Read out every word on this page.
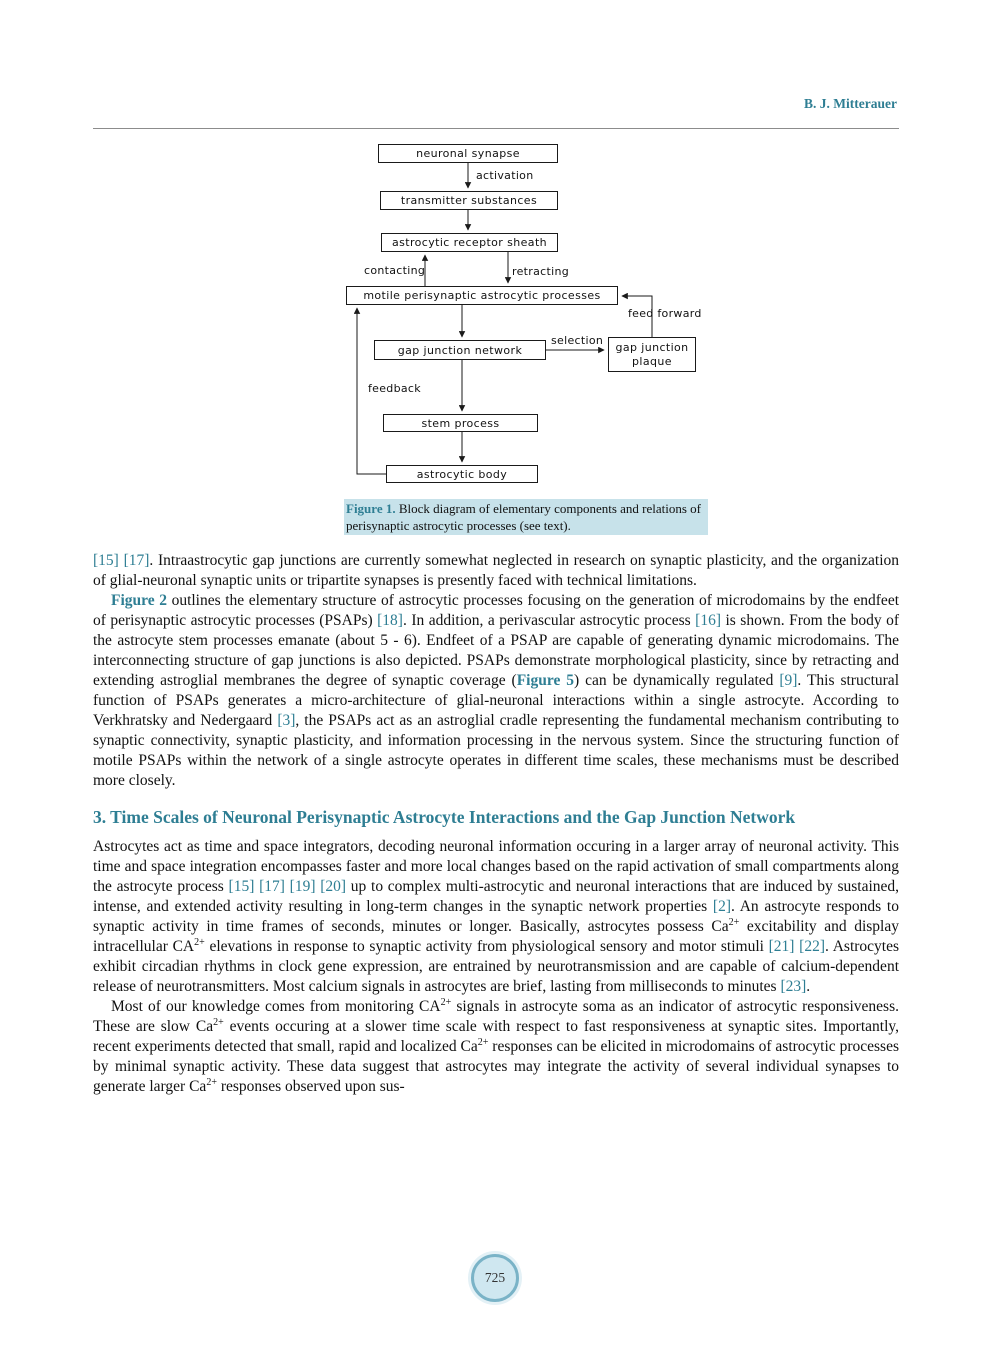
B. J. Mitterauer
neuronal synapse
transmitter substances
astrocytic receptor sheath
motile perisynaptic astrocytic processes
gap junction network	gap junction plaque
stem process
astrocytic body
activation
contacting	retracting
feed forward
selection
feedback
Figure 1. Block diagram of elementary components and relations of perisynaptic astrocytic processes (see text).

[15] [17]. Intraastrocytic gap junctions are currently somewhat neglected in research on synaptic plasticity, and the organization of glial-neuronal synaptic units or tripartite synapses is presently faced with technical limitations.

Figure 2 outlines the elementary structure of astrocytic processes focusing on the generation of microdomains by the endfeet of perisynaptic astrocytic processes (PSAPs) [18]. In addition, a perivascular astrocytic process [16] is shown. From the body of the astrocyte stem processes emanate (about 5 - 6). Endfeet of a PSAP are capable of generating dynamic microdomains. The interconnecting structure of gap junctions is also depicted. PSAPs demonstrate morphological plasticity, since by retracting and extending astroglial membranes the degree of synaptic coverage (Figure 5) can be dynamically regulated [9]. This structural function of PSAPs generates a micro-architecture of glial-neuronal interactions within a single astrocyte. According to Verkhratsky and Nedergaard [3], the PSAPs act as an astroglial cradle representing the fundamental mechanism contributing to synaptic connectivity, synaptic plasticity, and information processing in the nervous system. Since the structuring function of motile PSAPs within the network of a single astrocyte operates in different time scales, these mechanisms must be described more closely.

3. Time Scales of Neuronal Perisynaptic Astrocyte Interactions and the Gap Junction Network

Astrocytes act as time and space integrators, decoding neuronal information occuring in a larger array of neuronal activity. This time and space integration encompasses faster and more local changes based on the rapid activation of small compartments along the astrocyte process [15] [17] [19] [20] up to complex multi-astrocytic and neuronal interactions that are induced by sustained, intense, and extended activity resulting in long-term changes in the synaptic network properties [2]. An astrocyte responds to synaptic activity in time frames of seconds, minutes or longer. Basically, astrocytes possess $Ca^{2+}$ excitability and display intracellular $CA^{2+}$ elevations in response to synaptic activity from physiological sensory and motor stimuli [21] [22]. Astrocytes exhibit circadian rhythms in clock gene expression, are entrained by neurotransmission and are capable of calcium-dependent release of neurotransmitters. Most calcium signals in astrocytes are brief, lasting from milliseconds to minutes [23].

Most of our knowledge comes from monitoring $CA^{2+}$ signals in astrocyte soma as an indicator of astrocytic responsiveness. These are slow $Ca^{2+}$ events occuring at a slower time scale with respect to fast responsiveness at synaptic sites. Importantly, recent experiments detected that small, rapid and localized $Ca^{2+}$ responses can be elicited in microdomains of astrocytic processes by minimal synaptic activity. These data suggest that astrocytes may integrate the activity of several individual synapses to generate larger $Ca^{2+}$ responses observed upon sus-

725
